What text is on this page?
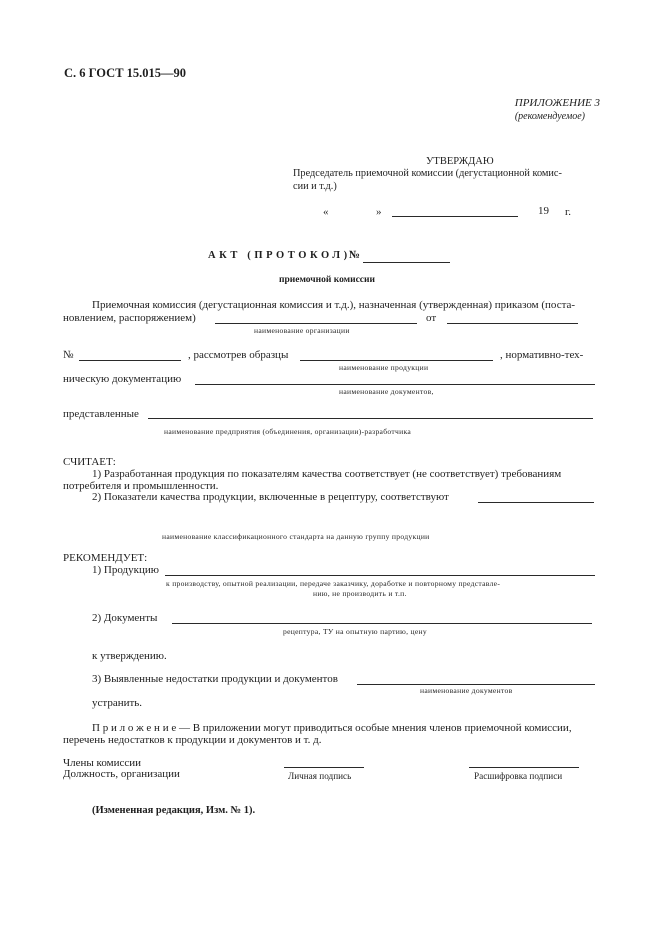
С. 6 ГОСТ 15.015—90
ПРИЛОЖЕНИЕ 3
(рекомендуемое)
УТВЕРЖДАЮ
Председатель приемочной комиссии (дегустационной комис-
сии и т.д.)
«	»	19 г.
АКТ (ПРОТОКОЛ)
№
приемочной комиссии
Приемочная комиссия (дегустационная комиссия и т.д.), назначенная (утвержденная) приказом (поста-
новлением, распоряжением)	от
наименование организации
№	, рассмотрев образцы	, нормативно-тех-
наименование продукции
ническую документацию
наименование документов,
представленные
наименование предприятия (объединения, организации)-разработчика
СЧИТАЕТ:
1) Разработанная продукция по показателям качества соответствует (не соответствует) требованиям
потребителя и промышленности.
2) Показатели качества продукции, включенные в рецептуру, соответствуют
наименование классификационного стандарта на данную группу продукции
РЕКОМЕНДУЕТ:
1) Продукцию
к производству, опытной реализации, передаче заказчику, доработке и повторному представле-
нию, не производить и т.п.
2) Документы
рецептура, ТУ на опытную партию, цену
к утверждению.
3) Выявленные недостатки продукции и документов
наименование документов
устранить.
П р и л о ж е н и е — В приложении могут приводиться особые мнения членов приемочной комиссии,
перечень недостатков к продукции и документов и т. д.
Члены комиссии
Должность, организации	Личная подпись	Расшифровка подписи
(Измененная редакция, Изм. № 1).
